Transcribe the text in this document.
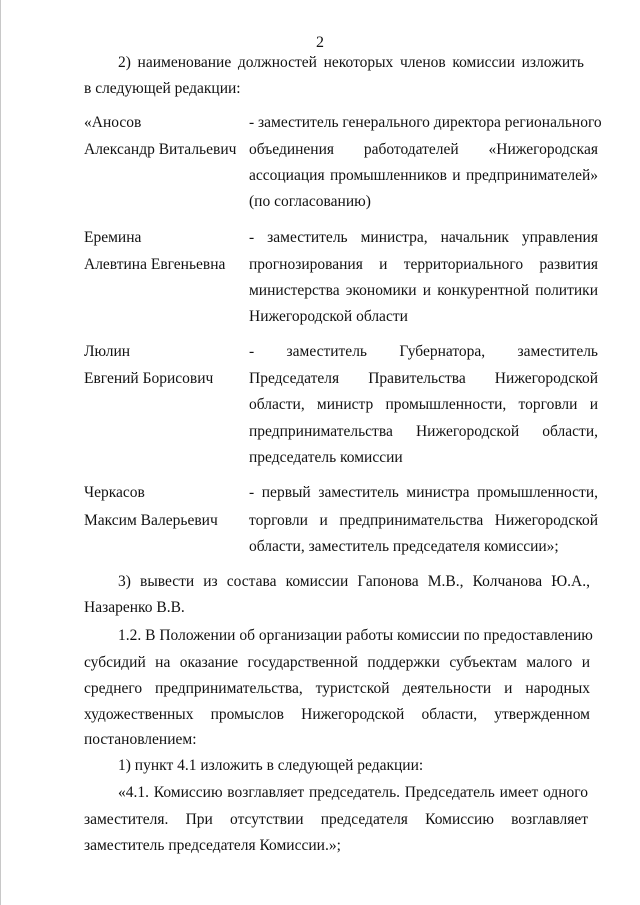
2
2) наименование должностей некоторых членов комиссии изложить
в следующей редакции:
«Аносов
Александр Витальевич
- заместитель генерального директора регионального
объединения работодателей «Нижегородская
ассоциация промышленников и предпринимателей»
(по согласованию)
Еремина
Алевтина Евгеньевна
- заместитель министра, начальник управления
прогнозирования и территориального развития
министерства экономики и конкурентной политики
Нижегородской области
Люлин
Евгений Борисович
- заместитель Губернатора, заместитель
Председателя Правительства Нижегородской
области, министр промышленности, торговли и
предпринимательства Нижегородской области,
председатель комиссии
Черкасов
Максим Валерьевич
- первый заместитель министра промышленности,
торговли и предпринимательства Нижегородской
области, заместитель председателя комиссии»;
3) вывести из состава комиссии Гапонова М.В., Колчанова Ю.А.,
Назаренко В.В.
1.2. В Положении об организации работы комиссии по предоставлению
субсидий на оказание государственной поддержки субъектам малого и
среднего предпринимательства, туристской деятельности и народных
художественных промыслов Нижегородской области, утвержденном
постановлением:
1) пункт 4.1 изложить в следующей редакции:
«4.1. Комиссию возглавляет председатель. Председатель имеет одного
заместителя. При отсутствии председателя Комиссию возглавляет
заместитель председателя Комиссии.»;
